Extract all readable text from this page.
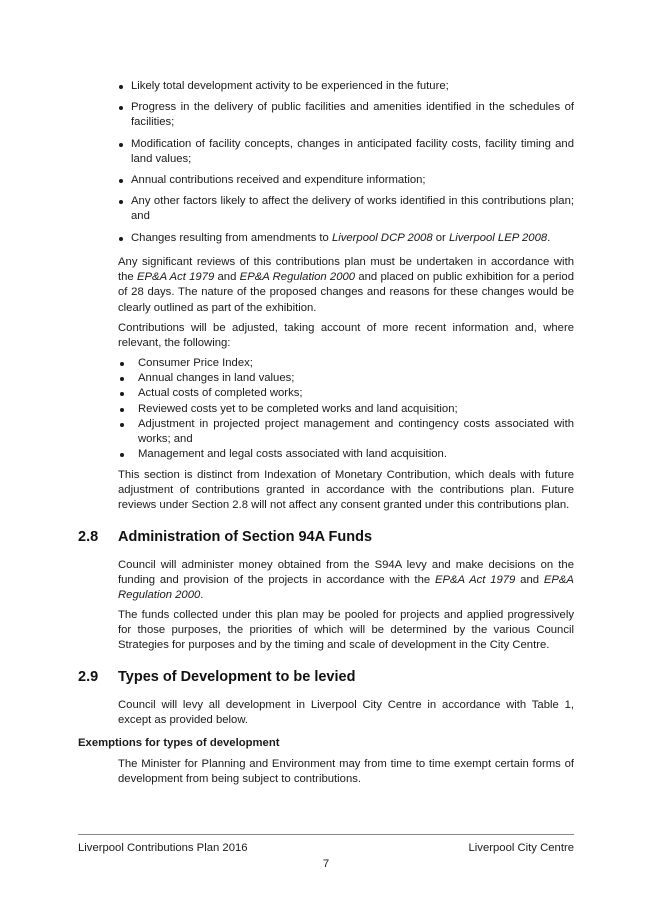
Likely total development activity to be experienced in the future;
Progress in the delivery of public facilities and amenities identified in the schedules of facilities;
Modification of facility concepts, changes in anticipated facility costs, facility timing and land values;
Annual contributions received and expenditure information;
Any other factors likely to affect the delivery of works identified in this contributions plan; and
Changes resulting from amendments to Liverpool DCP 2008 or Liverpool LEP 2008.

Any significant reviews of this contributions plan must be undertaken in accordance with the EP&A Act 1979 and EP&A Regulation 2000 and placed on public exhibition for a period of 28 days. The nature of the proposed changes and reasons for these changes would be clearly outlined as part of the exhibition.

Contributions will be adjusted, taking account of more recent information and, where relevant, the following:

Consumer Price Index;
Annual changes in land values;
Actual costs of completed works;
Reviewed costs yet to be completed works and land acquisition;
Adjustment in projected project management and contingency costs associated with works; and
Management and legal costs associated with land acquisition.

This section is distinct from Indexation of Monetary Contribution, which deals with future adjustment of contributions granted in accordance with the contributions plan. Future reviews under Section 2.8 will not affect any consent granted under this contributions plan.

2.8 Administration of Section 94A Funds

Council will administer money obtained from the S94A levy and make decisions on the funding and provision of the projects in accordance with the EP&A Act 1979 and EP&A Regulation 2000.

The funds collected under this plan may be pooled for projects and applied progressively for those purposes, the priorities of which will be determined by the various Council Strategies for purposes and by the timing and scale of development in the City Centre.

2.9 Types of Development to be levied

Council will levy all development in Liverpool City Centre in accordance with Table 1, except as provided below.

Exemptions for types of development

The Minister for Planning and Environment may from time to time exempt certain forms of development from being subject to contributions.

Liverpool Contributions Plan 2016	Liverpool City Centre
7
